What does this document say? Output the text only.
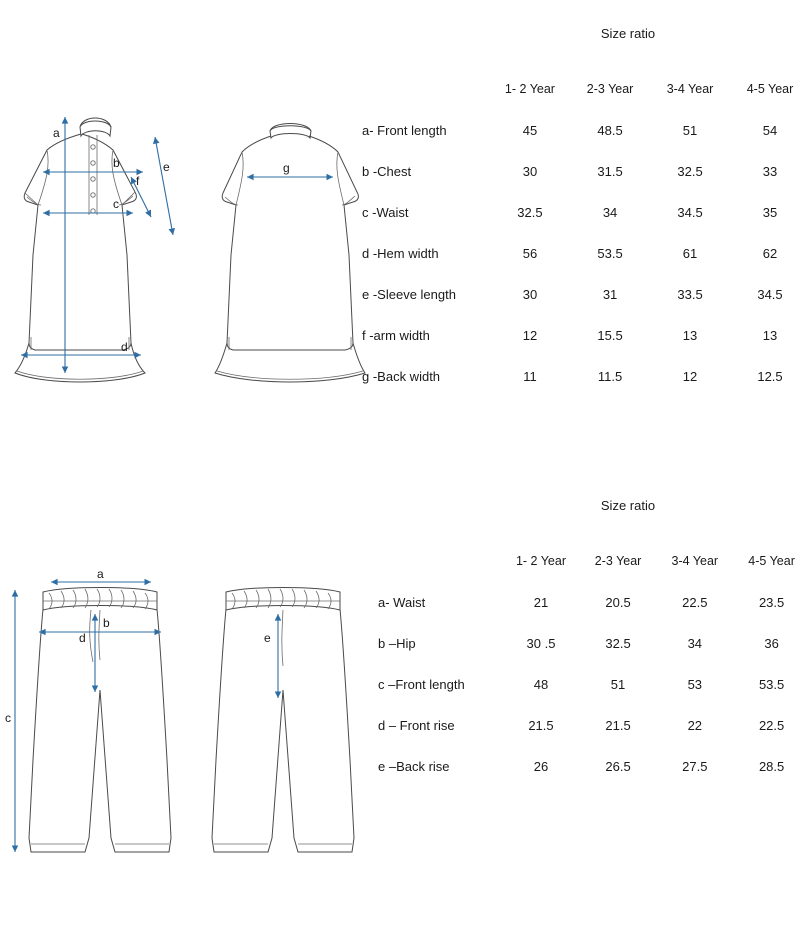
Size ratio
a
b
c
d
e
f
g
	1- 2 Year	2-3 Year	3-4 Year	4-5 Year
a- Front length	45	48.5	51	54
b -Chest	30	31.5	32.5	33
c -Waist	32.5	34	34.5	35
d -Hem width	56	53.5	61	62
e -Sleeve length	30	31	33.5	34.5
f -arm width	12	15.5	13	13
g -Back width	11	11.5	12	12.5
Size ratio
a
b
c
d	e
	1- 2 Year	2-3 Year	3-4 Year	4-5 Year
a- Waist	21	20.5	22.5	23.5
b –Hip	30 .5	32.5	34	36
c –Front length	48	51	53	53.5
d – Front rise	21.5	21.5	22	22.5
e –Back rise	26	26.5	27.5	28.5
